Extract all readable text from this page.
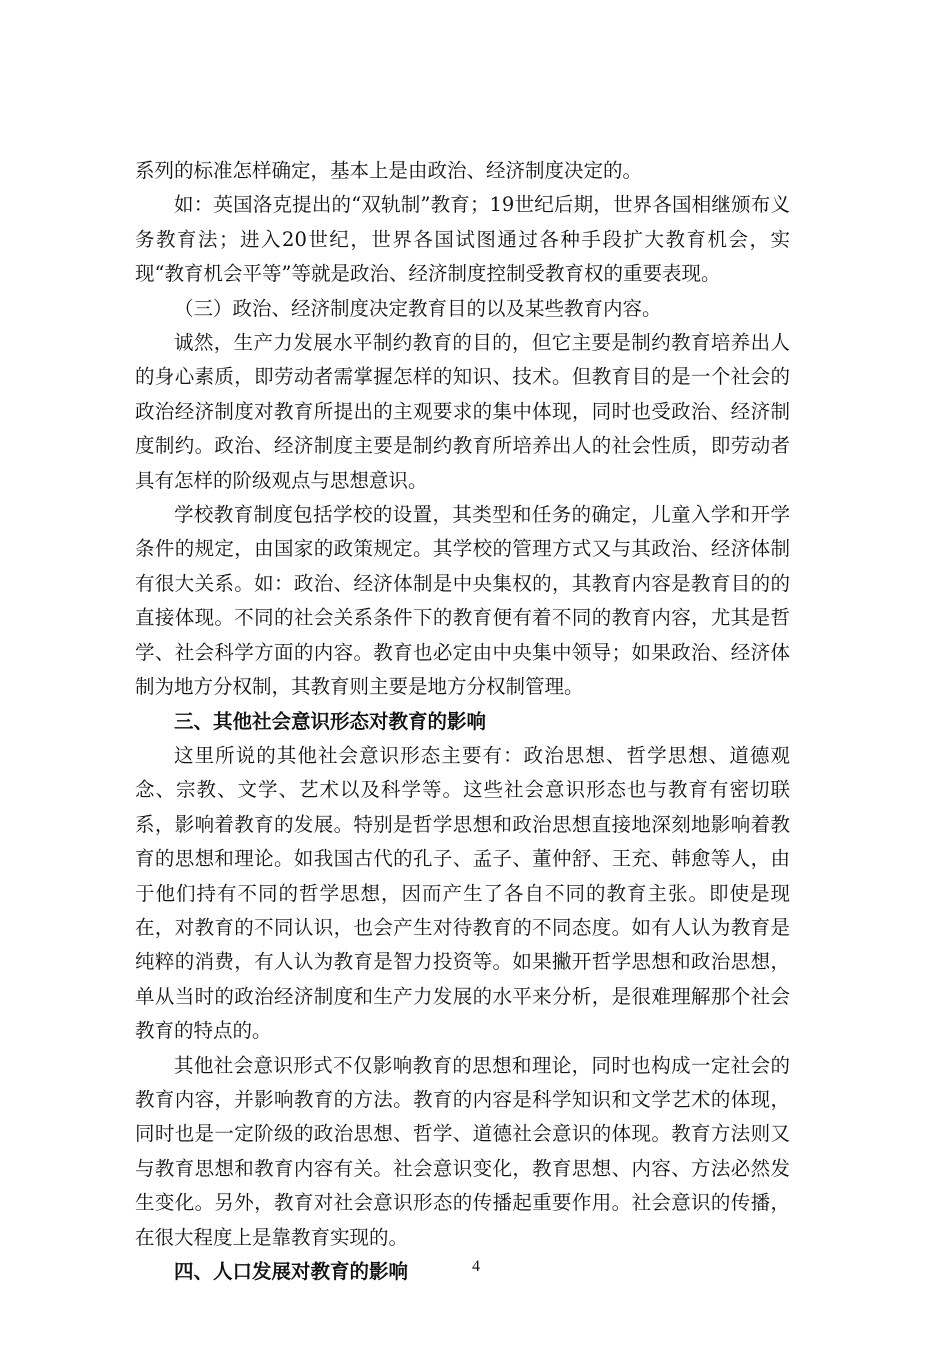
系列的标准怎样确定，基本上是由政治、经济制度决定的。

如：英国洛克提出的“双轨制”教育；19世纪后期，世界各国相继颁布义务教育法；进入20世纪，世界各国试图通过各种手段扩大教育机会，实现“教育机会平等”等就是政治、经济制度控制受教育权的重要表现。

（三）政治、经济制度决定教育目的以及某些教育内容。

诚然，生产力发展水平制约教育的目的，但它主要是制约教育培养出人的身心素质，即劳动者需掌握怎样的知识、技术。但教育目的是一个社会的政治经济制度对教育所提出的主观要求的集中体现，同时也受政治、经济制度制约。政治、经济制度主要是制约教育所培养出人的社会性质，即劳动者具有怎样的阶级观点与思想意识。

学校教育制度包括学校的设置，其类型和任务的确定，儿童入学和开学条件的规定，由国家的政策规定。其学校的管理方式又与其政治、经济体制有很大关系。如：政治、经济体制是中央集权的，其教育内容是教育目的的直接体现。不同的社会关系条件下的教育便有着不同的教育内容，尤其是哲学、社会科学方面的内容。教育也必定由中央集中领导；如果政治、经济体制为地方分权制，其教育则主要是地方分权制管理。

三、其他社会意识形态对教育的影响

这里所说的其他社会意识形态主要有：政治思想、哲学思想、道德观念、宗教、文学、艺术以及科学等。这些社会意识形态也与教育有密切联系，影响着教育的发展。特别是哲学思想和政治思想直接地深刻地影响着教育的思想和理论。如我国古代的孔子、孟子、董仲舒、王充、韩愈等人，由于他们持有不同的哲学思想，因而产生了各自不同的教育主张。即使是现在，对教育的不同认识，也会产生对待教育的不同态度。如有人认为教育是纯粹的消费，有人认为教育是智力投资等。如果撇开哲学思想和政治思想，单从当时的政治经济制度和生产力发展的水平来分析，是很难理解那个社会教育的特点的。

其他社会意识形式不仅影响教育的思想和理论，同时也构成一定社会的教育内容，并影响教育的方法。教育的内容是科学知识和文学艺术的体现，同时也是一定阶级的政治思想、哲学、道德社会意识的体现。教育方法则又与教育思想和教育内容有关。社会意识变化，教育思想、内容、方法必然发生变化。另外，教育对社会意识形态的传播起重要作用。社会意识的传播，在很大程度上是靠教育实现的。

四、人口发展对教育的影响	4
